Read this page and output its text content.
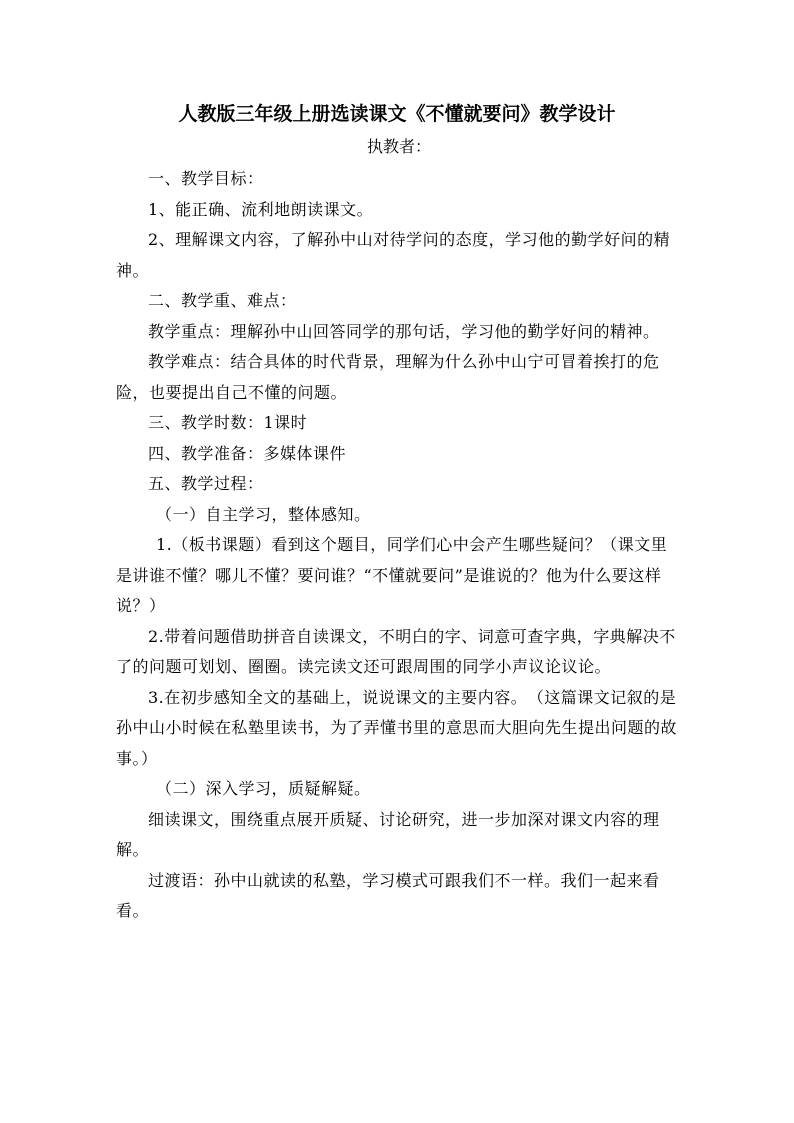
人教版三年级上册选读课文《不懂就要问》教学设计
执教者：

一、教学目标：

1、能正确、流利地朗读课文。

2、理解课文内容，了解孙中山对待学问的态度，学习他的勤学好问的精神。

二、教学重、难点：

教学重点：理解孙中山回答同学的那句话，学习他的勤学好问的精神。

教学难点：结合具体的时代背景，理解为什么孙中山宁可冒着挨打的危险，也要提出自己不懂的问题。

三、教学时数：1课时

四、教学准备：多媒体课件

五、教学过程：

（一）自主学习，整体感知。

1.（板书课题）看到这个题目，同学们心中会产生哪些疑问？（课文里是讲谁不懂？哪儿不懂？要问谁？“不懂就要问”是谁说的？他为什么要这样说？）

2.带着问题借助拼音自读课文，不明白的字、词意可查字典，字典解决不了的问题可划划、圈圈。读完读文还可跟周围的同学小声议论议论。

3.在初步感知全文的基础上，说说课文的主要内容。　（这篇课文记叙的是孙中山小时候在私塾里读书，为了弄懂书里的意思而大胆向先生提出问题的故事。）

（二）深入学习，质疑解疑。

细读课文，围绕重点展开质疑、讨论研究，进一步加深对课文内容的理解。

过渡语：孙中山就读的私塾，学习模式可跟我们不一样。我们一起来看看。
